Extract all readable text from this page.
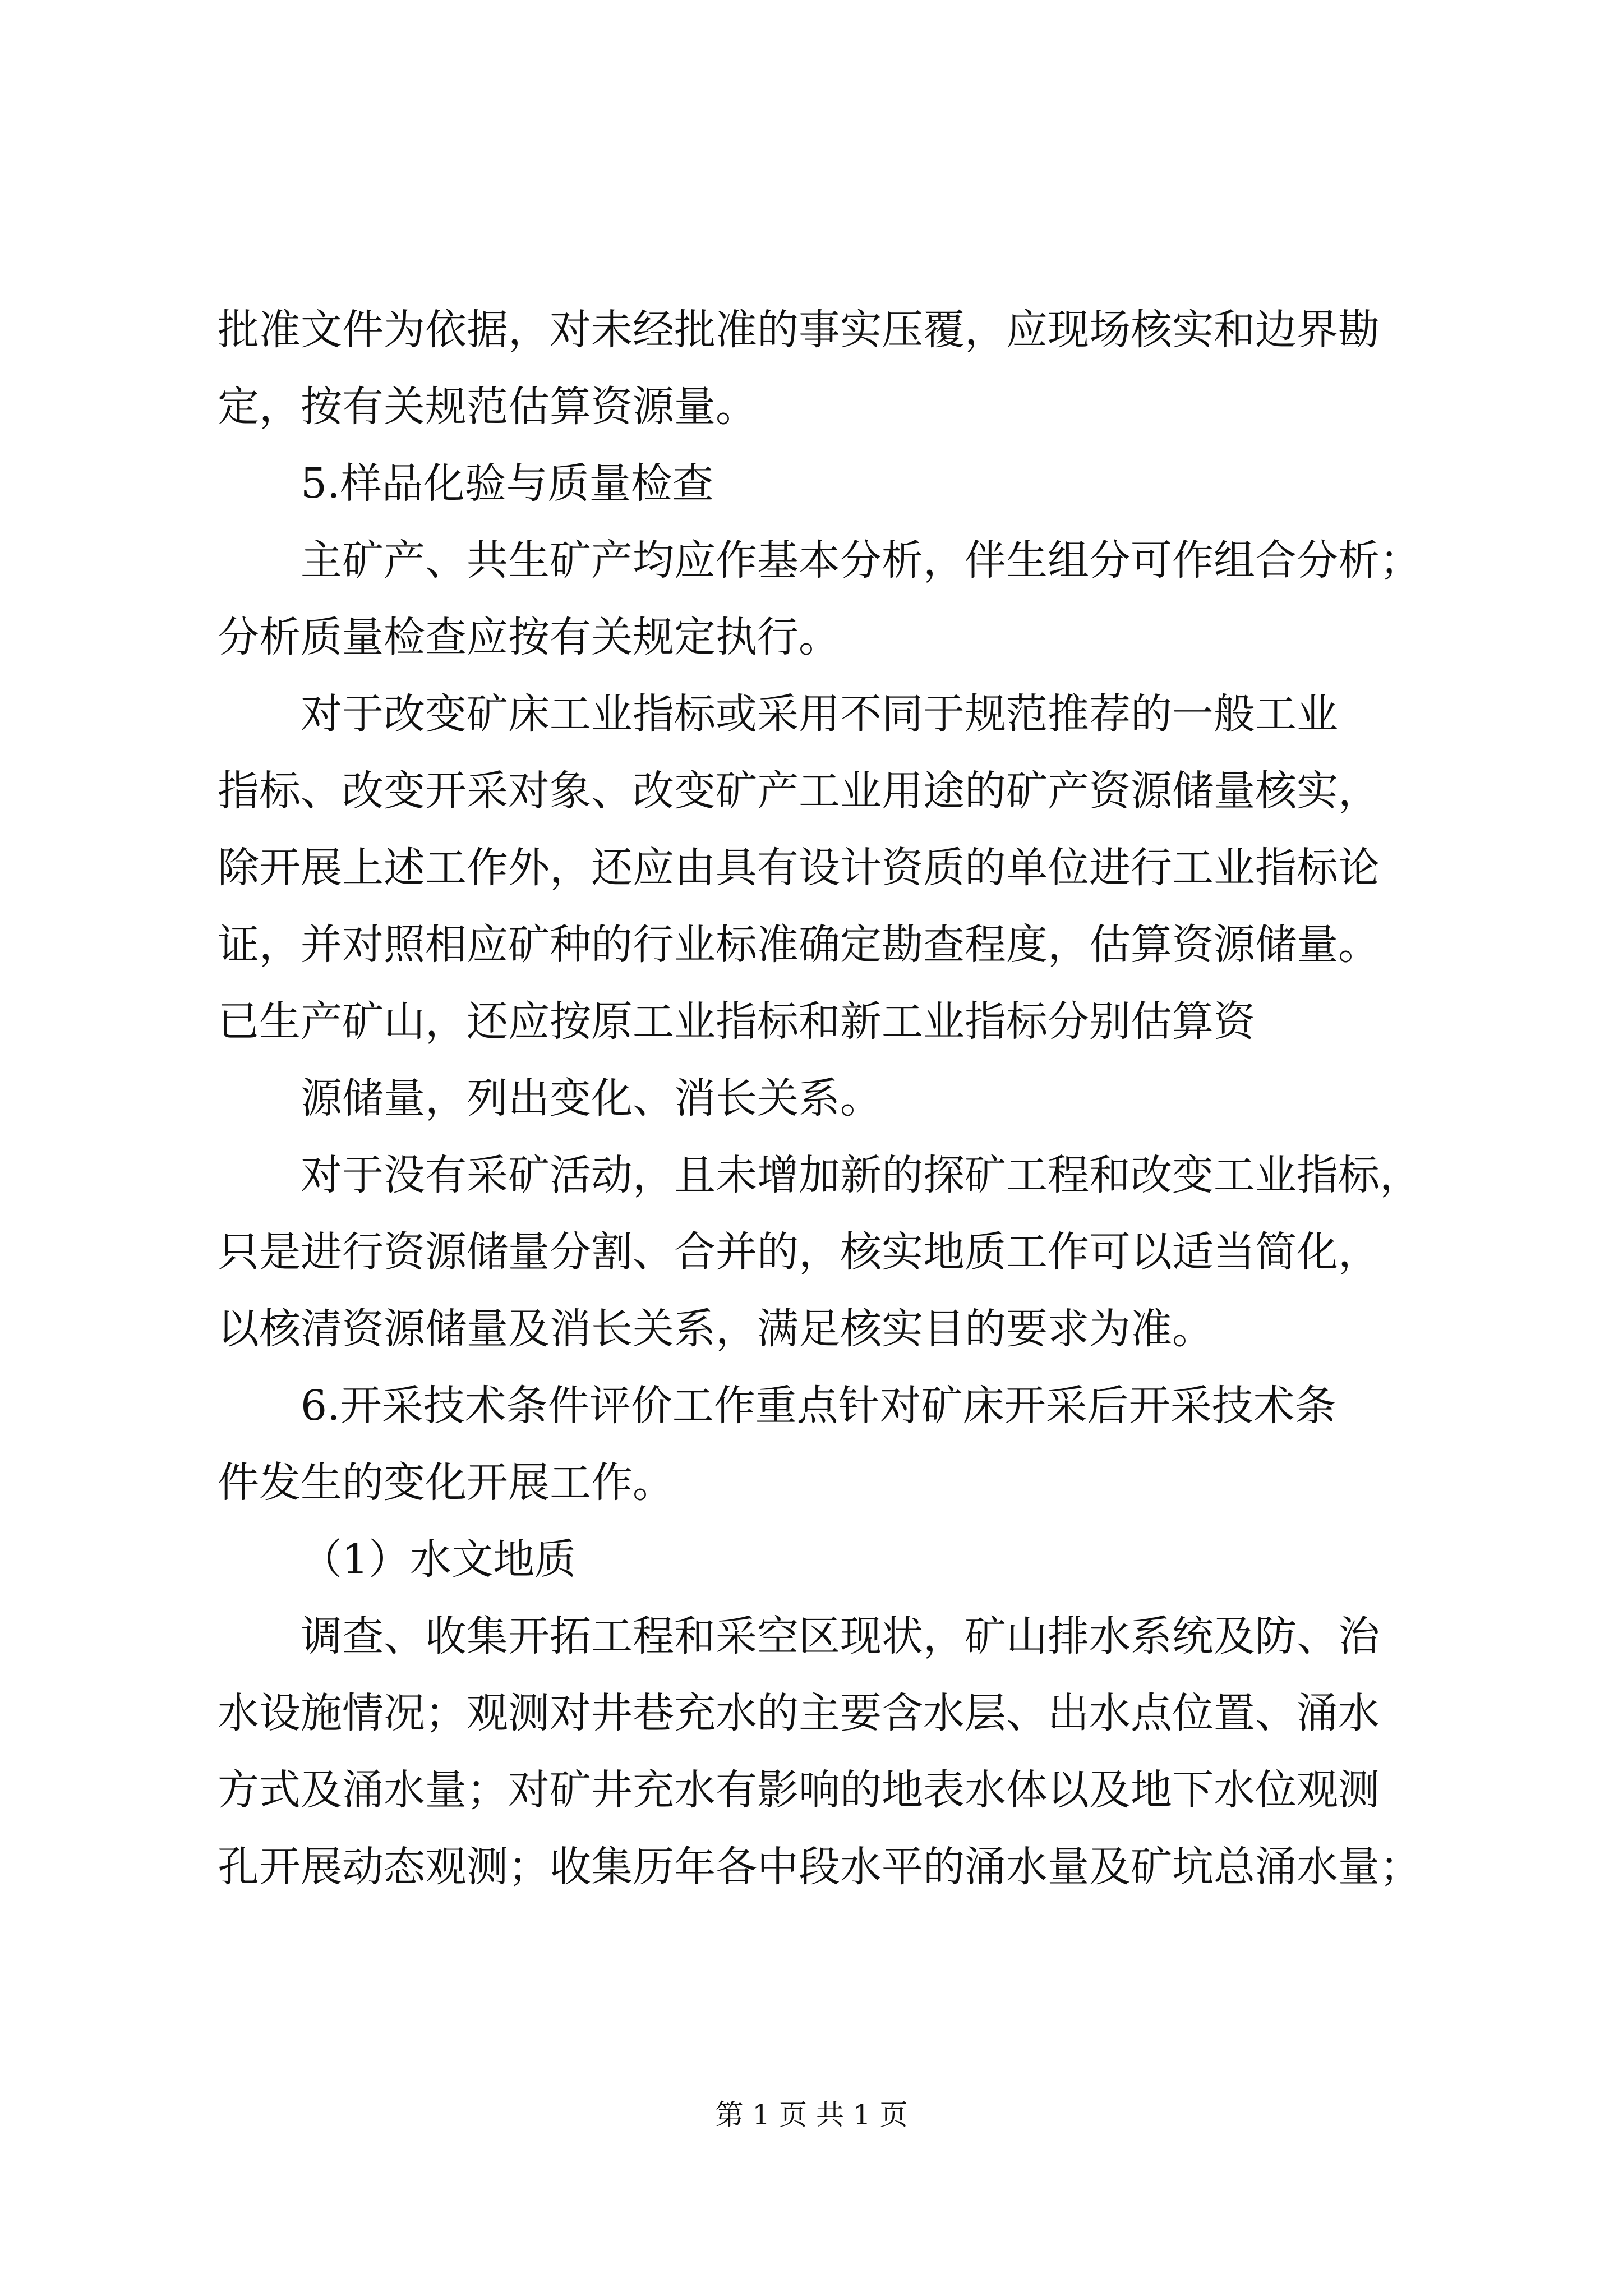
批准文件为依据，对未经批准的事实压覆，应现场核实和边界勘
定，按有关规范估算资源量。
5.样品化验与质量检查
主矿产、共生矿产均应作基本分析，伴生组分可作组合分析；
分析质量检查应按有关规定执行。
对于改变矿床工业指标或采用不同于规范推荐的一般工业
指标、改变开采对象、改变矿产工业用途的矿产资源储量核实，
除开展上述工作外，还应由具有设计资质的单位进行工业指标论
证，并对照相应矿种的行业标准确定勘查程度，估算资源储量。
已生产矿山，还应按原工业指标和新工业指标分别估算资
源储量，列出变化、消长关系。
对于没有采矿活动，且未增加新的探矿工程和改变工业指标，
只是进行资源储量分割、合并的，核实地质工作可以适当简化，
以核清资源储量及消长关系，满足核实目的要求为准。
6.开采技术条件评价工作重点针对矿床开采后开采技术条
件发生的变化开展工作。
（1）水文地质
调查、收集开拓工程和采空区现状，矿山排水系统及防、治
水设施情况；观测对井巷充水的主要含水层、出水点位置、涌水
方式及涌水量；对矿井充水有影响的地表水体以及地下水位观测
孔开展动态观测；收集历年各中段水平的涌水量及矿坑总涌水量；
第 1 页 共 1 页
